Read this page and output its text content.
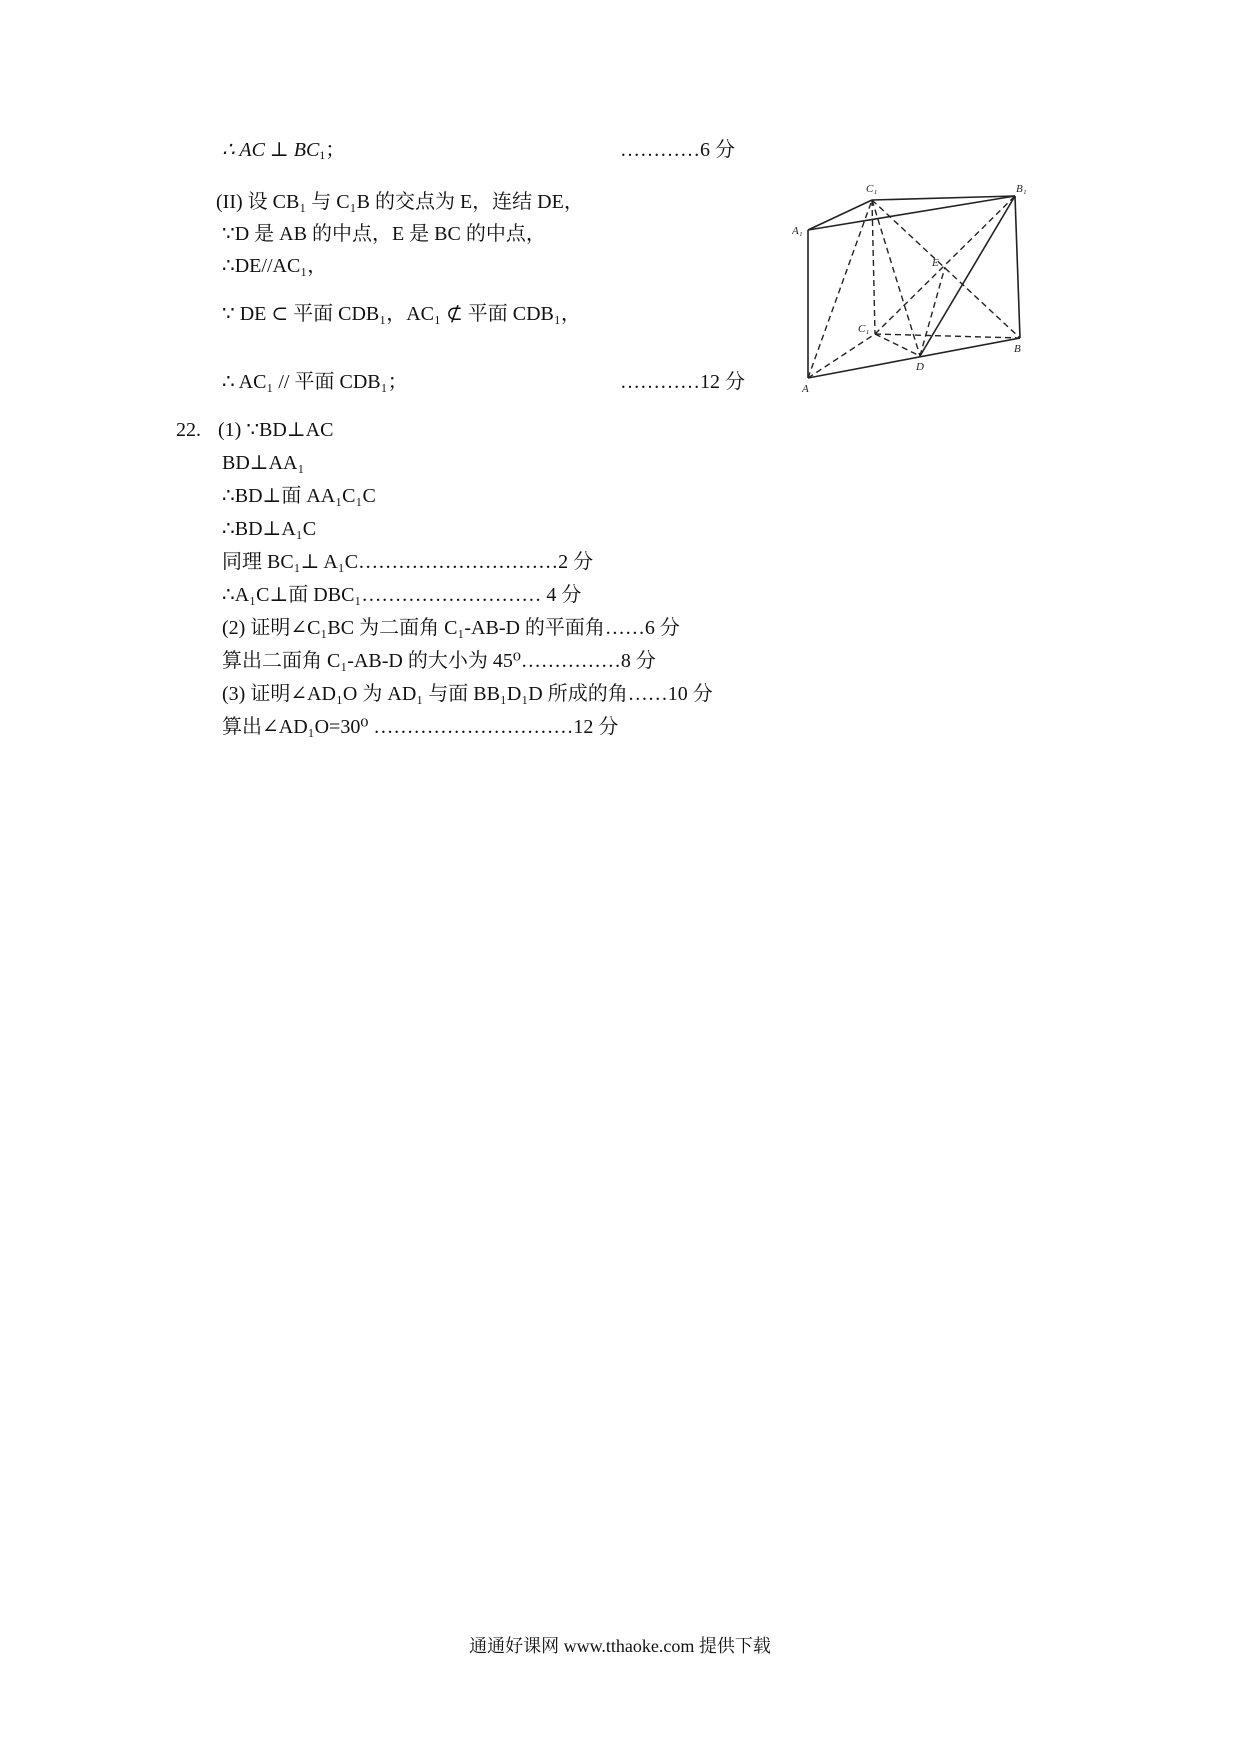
∴ AC ⊥ $BC_1$；	…………6 分
(II) 设 CB₁ 与 C₁B 的交点为 E，连结 DE，
∵D 是 AB 的中点，E 是 BC 的中点，
∴DE//AC₁，
∵ DE ⊂ 平面 CDB₁，AC₁ ⊄ 平面 CDB₁，
∴ AC₁ // 平面 CDB₁；	…………12 分
A₁
C₁	B₁
E
C₁
D
A
B
22. (1) ∵BD⊥AC
BD⊥AA₁
∴BD⊥面 AA₁C₁C
∴BD⊥A₁C
同理 BC₁⊥ A₁C…………………………2 分
∴A₁C⊥面 DBC₁……………………… 4 分
(2) 证明∠C₁BC 为二面角 C₁-AB-D 的平面角……6 分
算出二面角 C₁-AB-D 的大小为 45⁰……………8 分
(3) 证明∠AD₁O 为 AD₁ 与面 BB₁D₁D 所成的角……10 分
算出∠AD₁O=30⁰ …………………………12 分
通通好课网 www.tthaoke.com 提供下载
